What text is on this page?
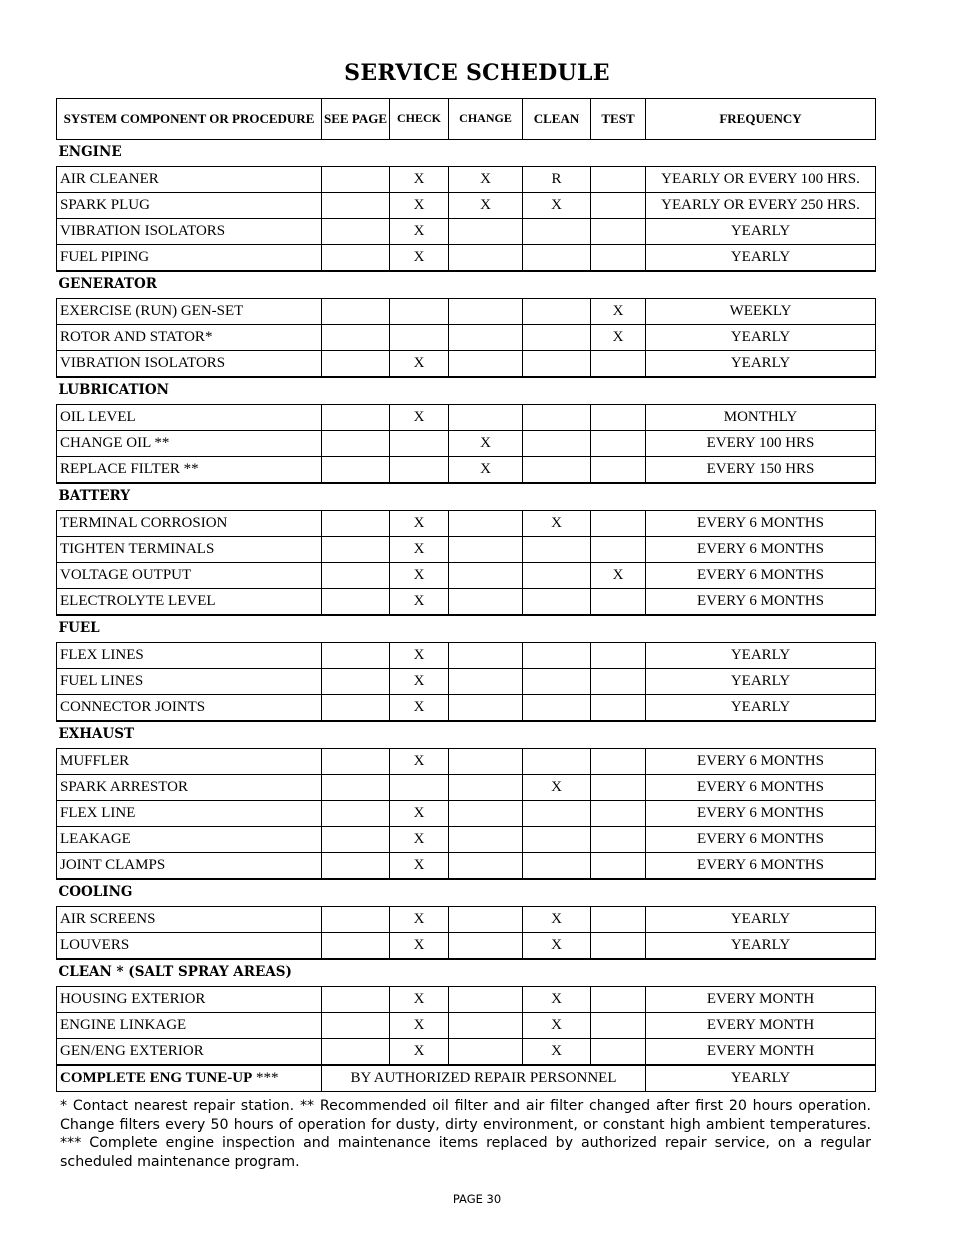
SERVICE SCHEDULE
SYSTEM COMPONENT OR PROCEDURE	SEE PAGE	CHECK	CHANGE	CLEAN	TEST	FREQUENCY
ENGINE						
AIR CLEANER		X	X	R		YEARLY OR EVERY 100 HRS.
SPARK PLUG		X	X	X		YEARLY OR EVERY 250 HRS.
VIBRATION ISOLATORS		X				YEARLY
FUEL PIPING		X				YEARLY
GENERATOR						
EXERCISE (RUN) GEN-SET					X	WEEKLY
ROTOR AND STATOR*					X	YEARLY
VIBRATION ISOLATORS		X				YEARLY
LUBRICATION						
OIL LEVEL		X				MONTHLY
CHANGE OIL **			X			EVERY 100 HRS
REPLACE FILTER **			X			EVERY 150 HRS
BATTERY						
TERMINAL CORROSION		X		X		EVERY 6 MONTHS
TIGHTEN TERMINALS		X				EVERY 6 MONTHS
VOLTAGE OUTPUT		X			X	EVERY 6 MONTHS
ELECTROLYTE LEVEL		X				EVERY 6 MONTHS
FUEL						
FLEX LINES		X				YEARLY
FUEL LINES		X				YEARLY
CONNECTOR JOINTS		X				YEARLY
EXHAUST						
MUFFLER		X				EVERY 6 MONTHS
SPARK ARRESTOR				X		EVERY 6 MONTHS
FLEX LINE		X				EVERY 6 MONTHS
LEAKAGE		X				EVERY 6 MONTHS
JOINT CLAMPS		X				EVERY 6 MONTHS
COOLING						
AIR SCREENS		X		X		YEARLY
LOUVERS		X		X		YEARLY
CLEAN * (SALT SPRAY AREAS)						
HOUSING EXTERIOR		X		X		EVERY MONTH
ENGINE LINKAGE		X		X		EVERY MONTH
GEN/ENG EXTERIOR		X		X		EVERY MONTH
COMPLETE ENG TUNE-UP ***	BY AUTHORIZED REPAIR PERSONNEL					YEARLY
* Contact nearest repair station. ** Recommended oil filter and air filter changed after first 20 hours operation.
Change filters every 50 hours of operation for dusty, dirty environment, or constant high ambient temperatures.
*** Complete engine inspection and maintenance items replaced by authorized repair service, on a regular
scheduled maintenance program.
PAGE 30
